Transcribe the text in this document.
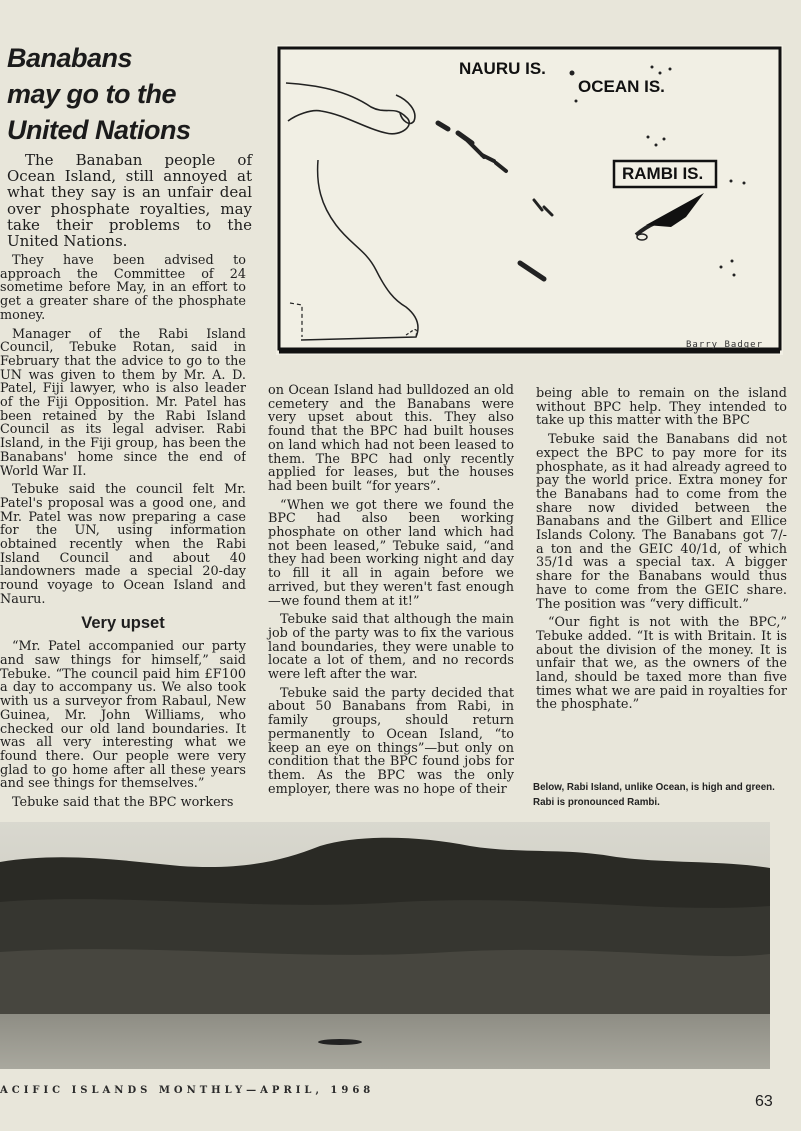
Banabans
may go to the
United Nations
The Banaban people of Ocean Island, still annoyed at what they say is an unfair deal over phosphate royalties, may take their problems to the United Nations.

They have been advised to approach the Committee of 24 sometime before May, in an effort to get a greater share of the phosphate money.

Manager of the Rabi Island Council, Tebuke Rotan, said in February that the advice to go to the UN was given to them by Mr. A. D. Patel, Fiji lawyer, who is also leader of the Fiji Opposition. Mr. Patel has been retained by the Rabi Island Council as its legal adviser. Rabi Island, in the Fiji group, has been the Banabans' home since the end of World War II.

Tebuke said the council felt Mr. Patel's proposal was a good one, and Mr. Patel was now preparing a case for the UN, using information obtained recently when the Rabi Island Council and about 40 landowners made a special 20-day round voyage to Ocean Island and Nauru.

Very upset

“Mr. Patel accompanied our party and saw things for himself,” said Tebuke. “The council paid him £F100 a day to accompany us. We also took with us a surveyor from Rabaul, New Guinea, Mr. John Williams, who checked our old land boundaries. It was all very interesting what we found there. Our people were very glad to go home after all these years and see things for themselves.”

Tebuke said that the BPC workers

on Ocean Island had bulldozed an old cemetery and the Banabans were very upset about this. They also found that the BPC had built houses on land which had not been leased to them. The BPC had only recently applied for leases, but the houses had been built “for years”.

“When we got there we found the BPC had also been working phosphate on other land which had not been leased,” Tebuke said, “and they had been working night and day to fill it all in again before we arrived, but they weren't fast enough—we found them at it!”

Tebuke said that although the main job of the party was to fix the various land boundaries, they were unable to locate a lot of them, and no records were left after the war.

Tebuke said the party decided that about 50 Banabans from Rabi, in family groups, should return permanently to Ocean Island, “to keep an eye on things”—but only on condition that the BPC found jobs for them. As the BPC was the only employer, there was no hope of their

being able to remain on the island without BPC help. They intended to take up this matter with the BPC

Tebuke said the Banabans did not expect the BPC to pay more for its phosphate, as it had already agreed to pay the world price. Extra money for the Banabans had to come from the share now divided between the Banabans and the Gilbert and Ellice Islands Colony. The Banabans got 7/- a ton and the GEIC 40/1d, of which 35/1d was a special tax. A bigger share for the Banabans would thus have to come from the GEIC share. The position was “very difficult.”

“Our fight is not with the BPC,” Tebuke added. “It is with Britain. It is about the division of the money. It is unfair that we, as the owners of the land, should be taxed more than five times what we are paid in royalties for the phosphate.”

Below, Rabi Island, unlike Ocean, is high and green. Rabi is pronounced Rambi.
NAURU IS.
OCEAN IS.
RAMBI IS.
Barry Badger
ACIFIC ISLANDS MONTHLY—APRIL, 1968
63
